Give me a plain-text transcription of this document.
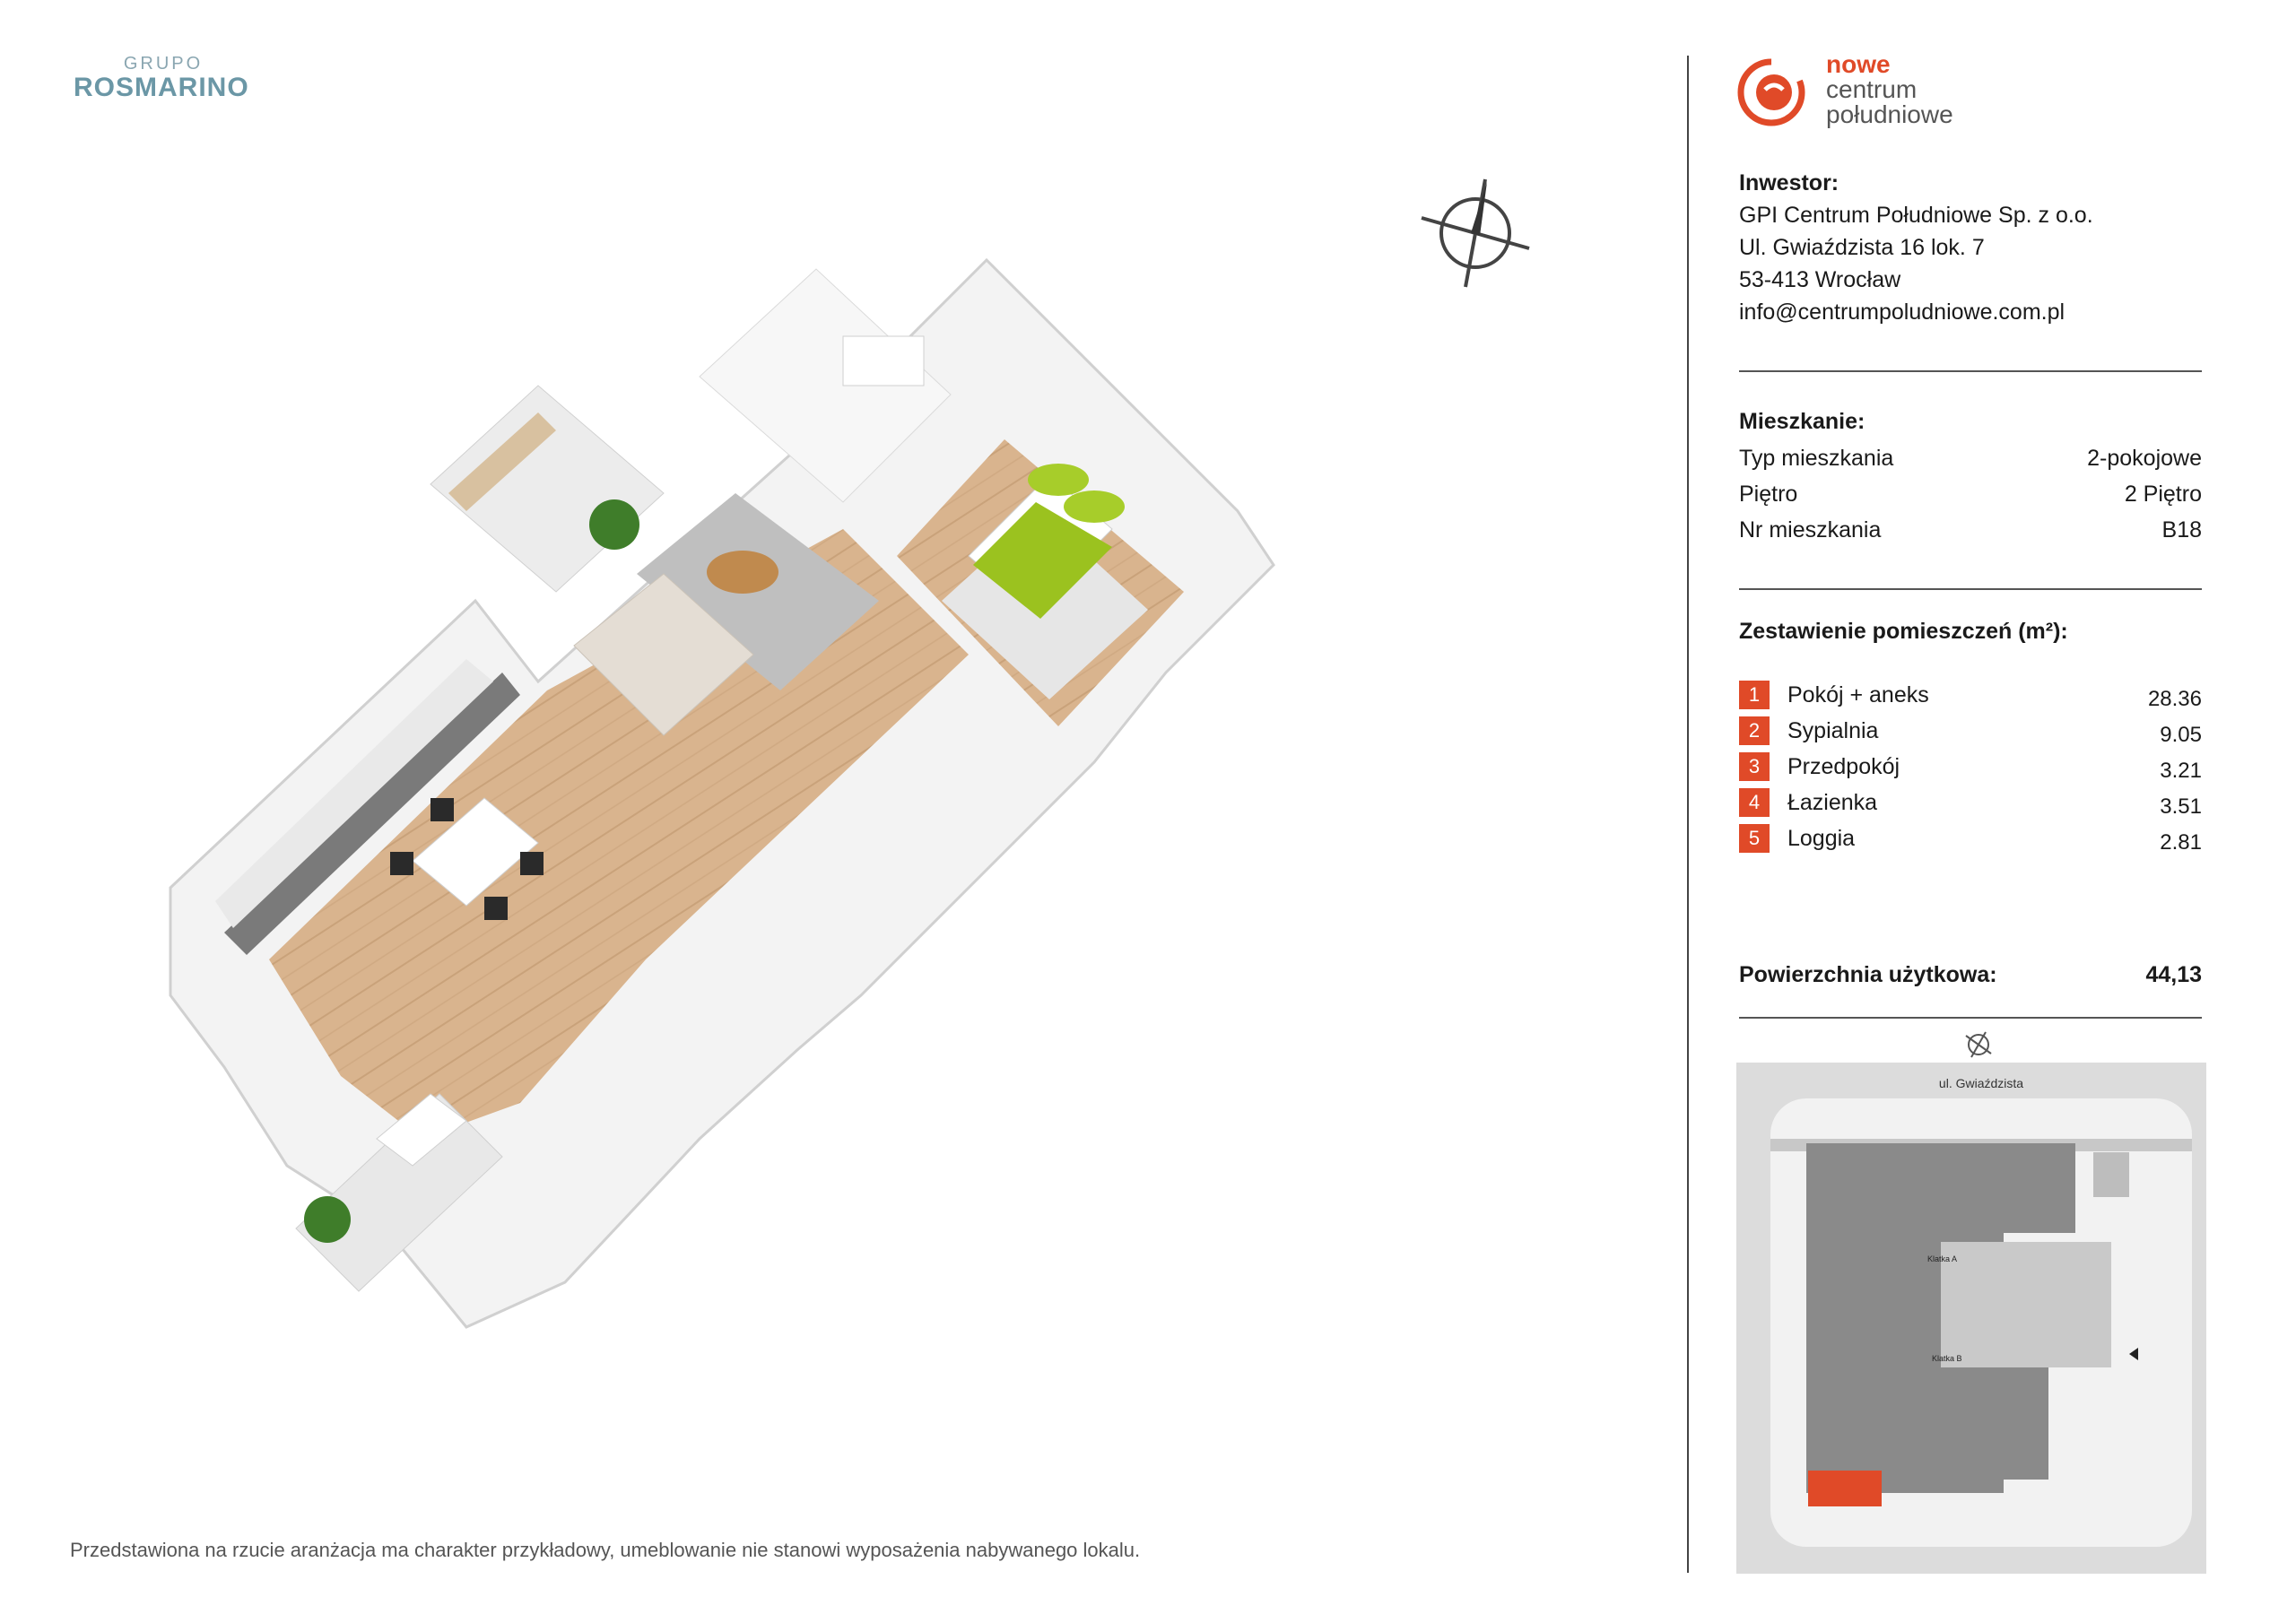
GRUPO
ROSMARINO
Przedstawiona na rzucie aranżacja ma charakter przykładowy, umeblowanie nie stanowi wyposażenia nabywanego lokalu.
nowe
centrum
południowe
Inwestor:
GPI Centrum Południowe Sp. z o.o.
Ul. Gwiaździsta 16 lok. 7
53-413 Wrocław
info@centrumpoludniowe.com.pl
Mieszkanie:
Typ mieszkania	2-pokojowe
Piętro	2 Piętro
Nr mieszkania	B18
Zestawienie pomieszczeń (m²):
1	Pokój + aneks	28.36
2	Sypialnia	9.05
3	Przedpokój	3.21
4	Łazienka	3.51
5	Loggia	2.81
Powierzchnia użytkowa:	44,13
ul. Gwiaździsta
Klatka A
Klatka B
